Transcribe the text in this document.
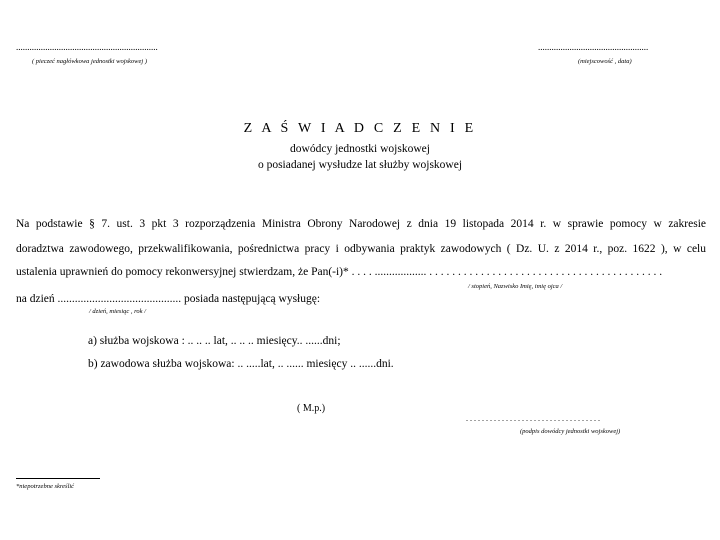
...............................................................
( pieczeć nagłówkowa jednostki wojskowej )
.................................................
(miejscowość , data)
Z A Ś W I A D C Z E N I E
dowódcy jednostki wojskowej
o posiadanej wysłudze lat służby wojskowej
Na podstawie § 7. ust. 3 pkt 3 rozporządzenia Ministra Obrony Narodowej z dnia 19 listopada 2014 r. w sprawie pomocy w zakresie
doradztwa zawodowego, przekwalifikowania, pośrednictwa pracy i odbywania praktyk zawodowych ( Dz. U. z 2014 r., poz. 1622 ), w celu
ustalenia uprawnień do pomocy rekonwersyjnej stwierdzam, że Pan(-i)* . . . . .................. . . . . . . . . . . . . . . . . . . . . . . . . . . . . . . . . . . . . . . . . .
/ stopień, Nazwisko Imię, imię ojca /
na dzień ........................................... posiada następującą wysługę:
/ dzień, miesiąc , rok /
a) służba wojskowa : .. .. .. lat, .. .. .. miesięcy.. ......dni;
b) zawodowa służba wojskowa: .. .....lat, .. ...... miesięcy .. ......dni.
( M.p.)
. . . . . . . . . . . . . . . . . . . . . . . . . . . . . . . . . .
(podpis dowódcy jednostki wojskowej)
*niepotrzebne skreślić
